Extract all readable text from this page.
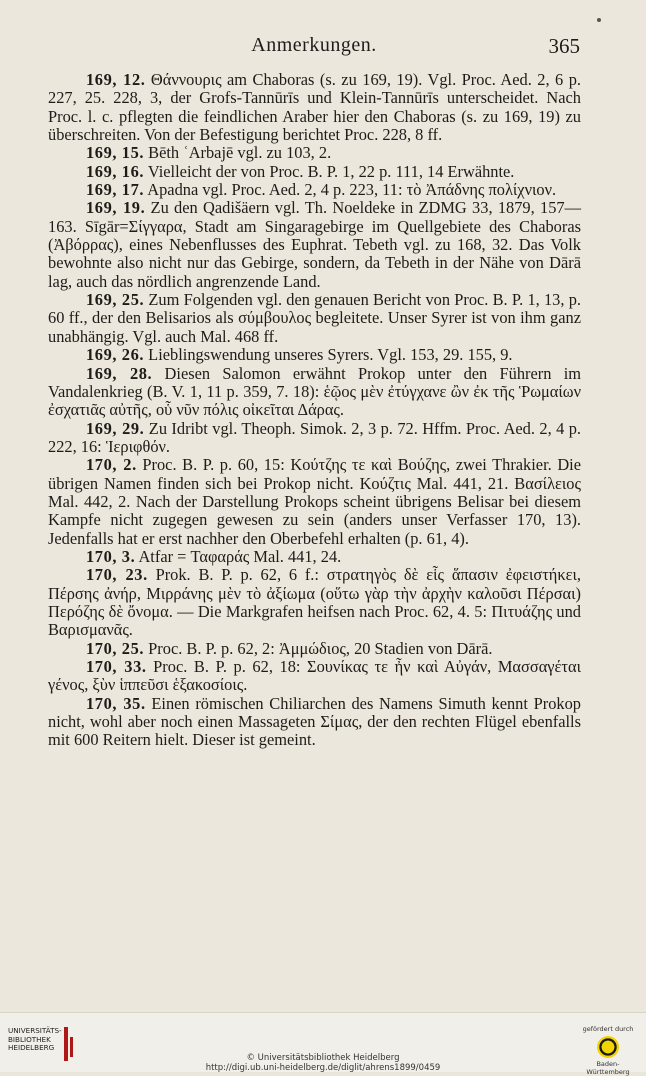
Anmerkungen.	365

169, 12. Θάννουρις am Chaboras (s. zu 169, 19). Vgl. Proc. Aed. 2, 6 p. 227, 25. 228, 3, der Grofs-Tannūrīs und Klein-Tannūrīs unterscheidet. Nach Proc. l. c. pflegten die feindlichen Araber hier den Chaboras (s. zu 169, 19) zu überschreiten. Von der Befestigung berichtet Proc. 228, 8 ff.

169, 15. Bēth ʿArbajē vgl. zu 103, 2.

169, 16. Vielleicht der von Proc. B. P. 1, 22 p. 111, 14 Erwähnte.

169, 17. Apadna vgl. Proc. Aed. 2, 4 p. 223, 11: τὸ Ἀπάδνης πολίχνιον.

169, 19. Zu den Qadišäern vgl. Th. Noeldeke in ZDMG 33, 1879, 157—163. Sīgār=Σίγγαρα, Stadt am Singaragebirge im Quellgebiete des Chaboras (Ἀβόρρας), eines Nebenflusses des Euphrat. Tebeth vgl. zu 168, 32. Das Volk bewohnte also nicht nur das Gebirge, sondern, da Tebeth in der Nähe von Dārā lag, auch das nördlich angrenzende Land.

169, 25. Zum Folgenden vgl. den genauen Bericht von Proc. B. P. 1, 13, p. 60 ff., der den Belisarios als σύμβουλος begleitete. Unser Syrer ist von ihm ganz unabhängig. Vgl. auch Mal. 468 ff.

169, 26. Lieblingswendung unseres Syrers. Vgl. 153, 29. 155, 9.

169, 28. Diesen Salomon erwähnt Prokop unter den Führern im Vandalenkrieg (B. V. 1, 11 p. 359, 7. 18): ἑῷος μὲν ἐτύγχανε ὢν ἐκ τῆς Ῥωμαίων ἐσχατιᾶς αὐτῆς, οὗ νῦν πόλις οἰκεῖται Δάρας.

169, 29. Zu Idribt vgl. Theoph. Simok. 2, 3 p. 72. Hffm. Proc. Aed. 2, 4 p. 222, 16: Ἱεριφθόν.

170, 2. Proc. B. P. p. 60, 15: Κούτζης τε καὶ Βούζης, zwei Thrakier. Die übrigen Namen finden sich bei Prokop nicht. Κούζτις Mal. 441, 21. Βασίλειος Mal. 442, 2. Nach der Darstellung Prokops scheint übrigens Belisar bei diesem Kampfe nicht zugegen gewesen zu sein (anders unser Verfasser 170, 13). Jedenfalls hat er erst nachher den Oberbefehl erhalten (p. 61, 4).

170, 3. Atfar = Ταφαράς Mal. 441, 24.

170, 23. Prok. B. P. p. 62, 6 f.: στρατηγὸς δὲ εἷς ἅπασιν ἐφειστήκει, Πέρσης ἀνήρ, Μιρράνης μὲν τὸ ἀξίωμα (οὕτω γὰρ τὴν ἀρχὴν καλοῦσι Πέρσαι) Περόζης δὲ ὄνομα. — Die Markgrafen heifsen nach Proc. 62, 4. 5: Πιτυάζης und Βαρισμανᾶς.

170, 25. Proc. B. P. p. 62, 2: Ἀμμώδιος, 20 Stadien von Dārā.

170, 33. Proc. B. P. p. 62, 18: Σουνίκας τε ἦν καὶ Αὐγάν, Μασσαγέται γένος, ξὺν ἱππεῦσι ἑξακοσίοις.

170, 35. Einen römischen Chiliarchen des Namens Simuth kennt Prokop nicht, wohl aber noch einen Massageten Σίμας, der den rechten Flügel ebenfalls mit 600 Reitern hielt. Dieser ist gemeint.

UNIVERSITÄTS-BIBLIOTHEK HEIDELBERG
© Universitätsbibliothek Heidelberg
http://digi.ub.uni-heidelberg.de/diglit/ahrens1899/0459
gefördert durch
Baden-Württemberg
